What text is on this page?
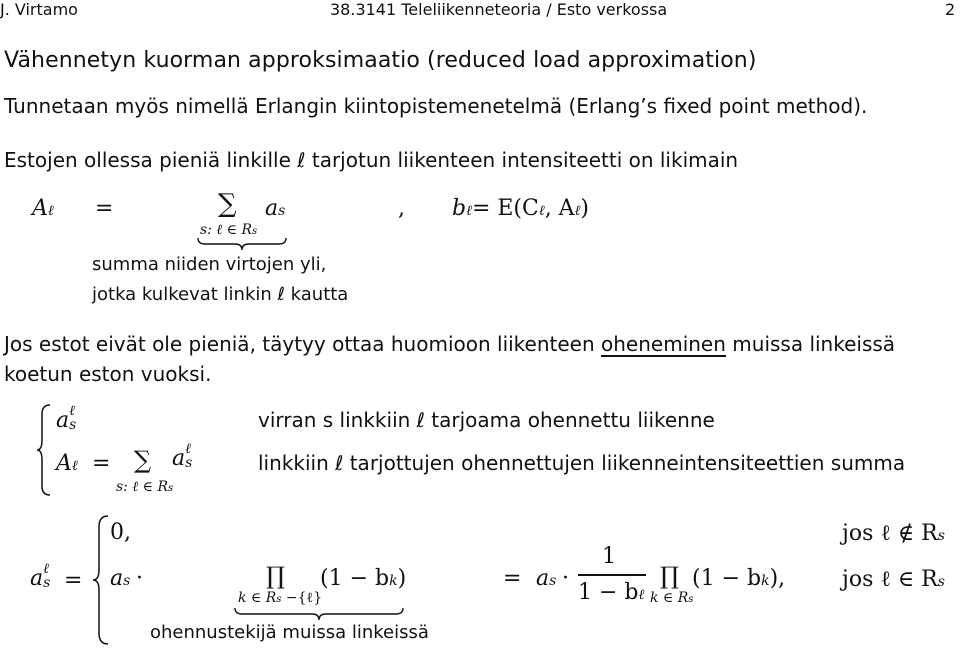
J. Virtamo	38.3141 Teleliikenneteoria / Esto verkossa	2
Vähennetyn kuorman approksimaatio (reduced load approximation)
Tunnetaan myös nimellä Erlangin kiintopistemenetelmä (Erlang’s fixed point method).
Estojen ollessa pieniä linkille ℓ tarjotun liikenteen intensiteetti on likimain
Aℓ =	∑ as
s: ℓ ∈ Rs
, bℓ= E(Cℓ, Aℓ)
summa niiden virtojen yli,
jotka kulkevat linkin ℓ kautta
Jos estot eivät ole pieniä, täytyy ottaa huomioon liikenteen oheneminen muissa linkeissä
koetun eston vuoksi.
a ℓ
s	virran s linkkiin ℓ tarjoama ohennettu liikenne
Aℓ = ∑ a ℓ
s
s: ℓ ∈ Rs
linkkiin ℓ tarjottujen ohennettujen liikenneintensiteettien summa
a ℓ
s =
0,	jos ℓ ∉ Rs
as ·	∏
k ∈ Rs −{ℓ}
(1 − bk)
ohennustekijä muissa linkeissä
= as ·
1
1 − bℓ
∏
k ∈ Rs
(1 − bk),	jos ℓ ∈ Rs
